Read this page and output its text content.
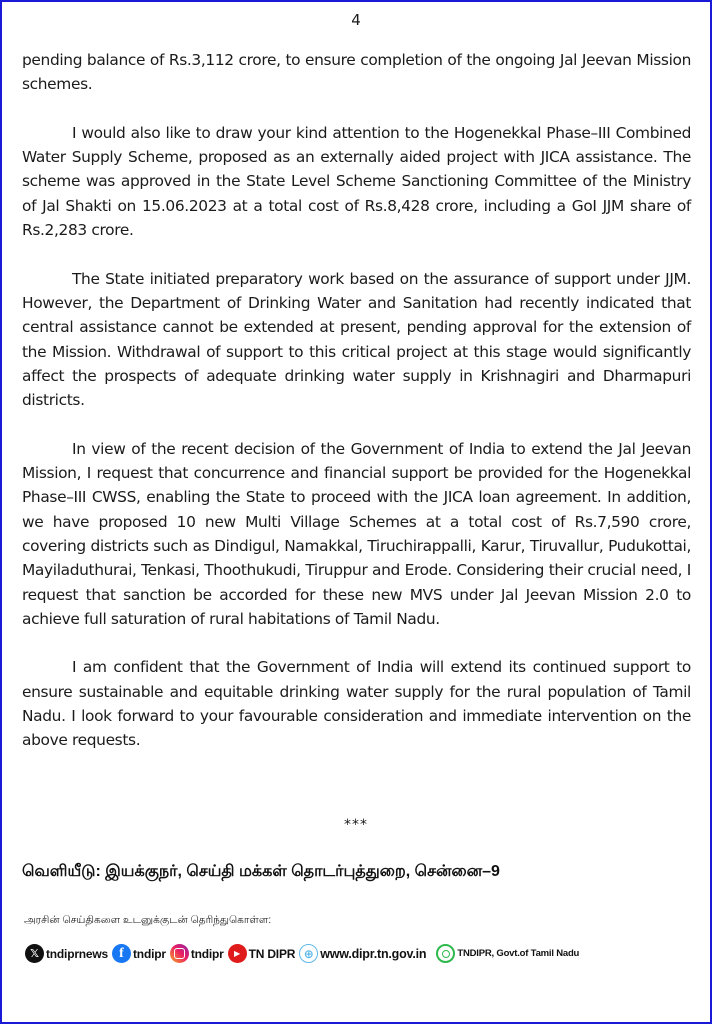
4

pending balance of Rs.3,112 crore, to ensure completion of the ongoing Jal Jeevan Mission schemes.

I would also like to draw your kind attention to the Hogenekkal Phase–III Combined Water Supply Scheme, proposed as an externally aided project with JICA assistance. The scheme was approved in the State Level Scheme Sanctioning Committee of the Ministry of Jal Shakti on 15.06.2023 at a total cost of Rs.8,428 crore, including a GoI JJM share of Rs.2,283 crore.

The State initiated preparatory work based on the assurance of support under JJM. However, the Department of Drinking Water and Sanitation had recently indicated that central assistance cannot be extended at present, pending approval for the extension of the Mission. Withdrawal of support to this critical project at this stage would significantly affect the prospects of adequate drinking water supply in Krishnagiri and Dharmapuri districts.

In view of the recent decision of the Government of India to extend the Jal Jeevan Mission, I request that concurrence and financial support be provided for the Hogenekkal Phase–III CWSS, enabling the State to proceed with the JICA loan agreement. In addition, we have proposed 10 new Multi Village Schemes at a total cost of Rs.7,590 crore, covering districts such as Dindigul, Namakkal, Tiruchirappalli, Karur, Tiruvallur, Pudukottai, Mayiladuthurai, Tenkasi, Thoothukudi, Tiruppur and Erode. Considering their crucial need, I request that sanction be accorded for these new MVS under Jal Jeevan Mission 2.0 to achieve full saturation of rural habitations of Tamil Nadu.

I am confident that the Government of India will extend its continued support to ensure sustainable and equitable drinking water supply for the rural population of Tamil Nadu. I look forward to your favourable consideration and immediate intervention on the above requests.

***
வெளியீடு: இயக்குநர், செய்தி மக்கள் தொடர்புத்துறை, சென்னை–9
அரசின் செய்திகளை உடனுக்குடன் தெரிந்துகொள்ள:
𝕏 tndiprnews f tndipr tndipr	▶ TN DIPR ⊕ www.dipr.tn.gov.in	TNDIPR, Govt.of Tamil Nadu
